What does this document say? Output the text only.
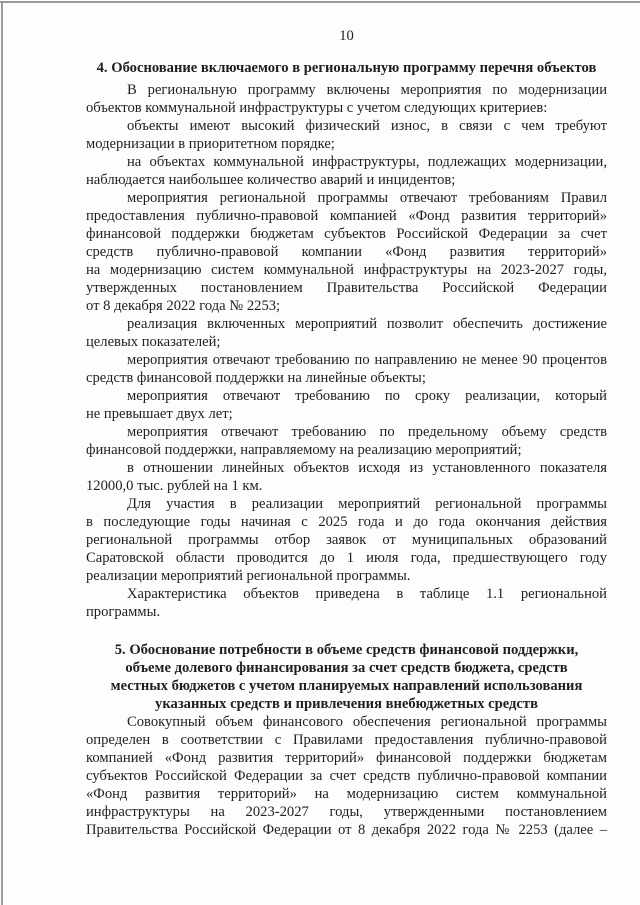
10
4. Обоснование включаемого в региональную программу перечня объектов
В региональную программу включены мероприятия по модернизации
объектов коммунальной инфраструктуры с учетом следующих критериев:
объекты имеют высокий физический износ, в связи с чем требуют
модернизации в приоритетном порядке;
на объектах коммунальной инфраструктуры, подлежащих модернизации,
наблюдается наибольшее количество аварий и инцидентов;
мероприятия региональной программы отвечают требованиям Правил
предоставления публично-правовой компанией «Фонд развития территорий»
финансовой поддержки бюджетам субъектов Российской Федерации за счет
средств публично-правовой компании «Фонд развития территорий»
на модернизацию систем коммунальной инфраструктуры на 2023-2027 годы,
утвержденных постановлением Правительства Российской Федерации
от 8 декабря 2022 года № 2253;
реализация включенных мероприятий позволит обеспечить достижение
целевых показателей;
мероприятия отвечают требованию по направлению не менее 90 процентов
средств финансовой поддержки на линейные объекты;
мероприятия отвечают требованию по сроку реализации, который
не превышает двух лет;
мероприятия отвечают требованию по предельному объему средств
финансовой поддержки, направляемому на реализацию мероприятий;
в отношении линейных объектов исходя из установленного показателя
12000,0 тыс. рублей на 1 км.
Для участия в реализации мероприятий региональной программы
в последующие годы начиная с 2025 года и до года окончания действия
региональной программы отбор заявок от муниципальных образований
Саратовской области проводится до 1 июля года, предшествующего году
реализации мероприятий региональной программы.
Характеристика объектов приведена в таблице 1.1 региональной
программы.
5. Обоснование потребности в объеме средств финансовой поддержки,
объеме долевого финансирования за счет средств бюджета, средств
местных бюджетов с учетом планируемых направлений использования
указанных средств и привлечения внебюджетных средств
Совокупный объем финансового обеспечения региональной программы
определен в соответствии с Правилами предоставления публично-правовой
компанией «Фонд развития территорий» финансовой поддержки бюджетам
субъектов Российской Федерации за счет средств публично-правовой компании
«Фонд развития территорий» на модернизацию систем коммунальной
инфраструктуры на 2023-2027 годы, утвержденными постановлением
Правительства Российской Федерации от 8 декабря 2022 года № 2253 (далее –
